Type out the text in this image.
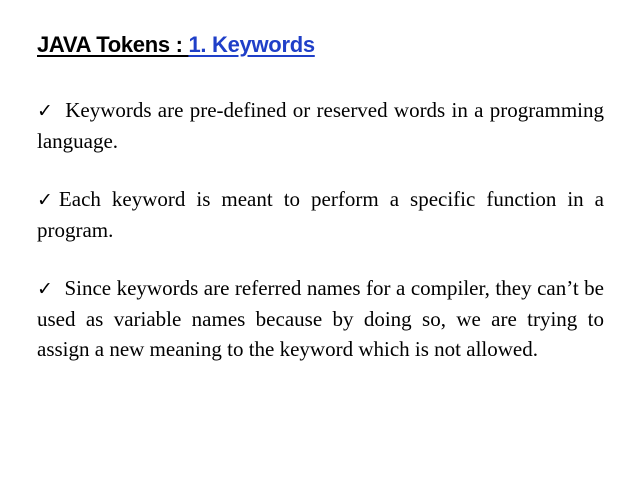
JAVA Tokens : 1. Keywords

✓ Keywords are pre-defined or reserved words in a programming language.

✓ Each keyword is meant to perform a specific function in a program.

✓ Since keywords are referred names for a compiler, they can’t be used as variable names because by doing so, we are trying to assign a new meaning to the keyword which is not allowed.
